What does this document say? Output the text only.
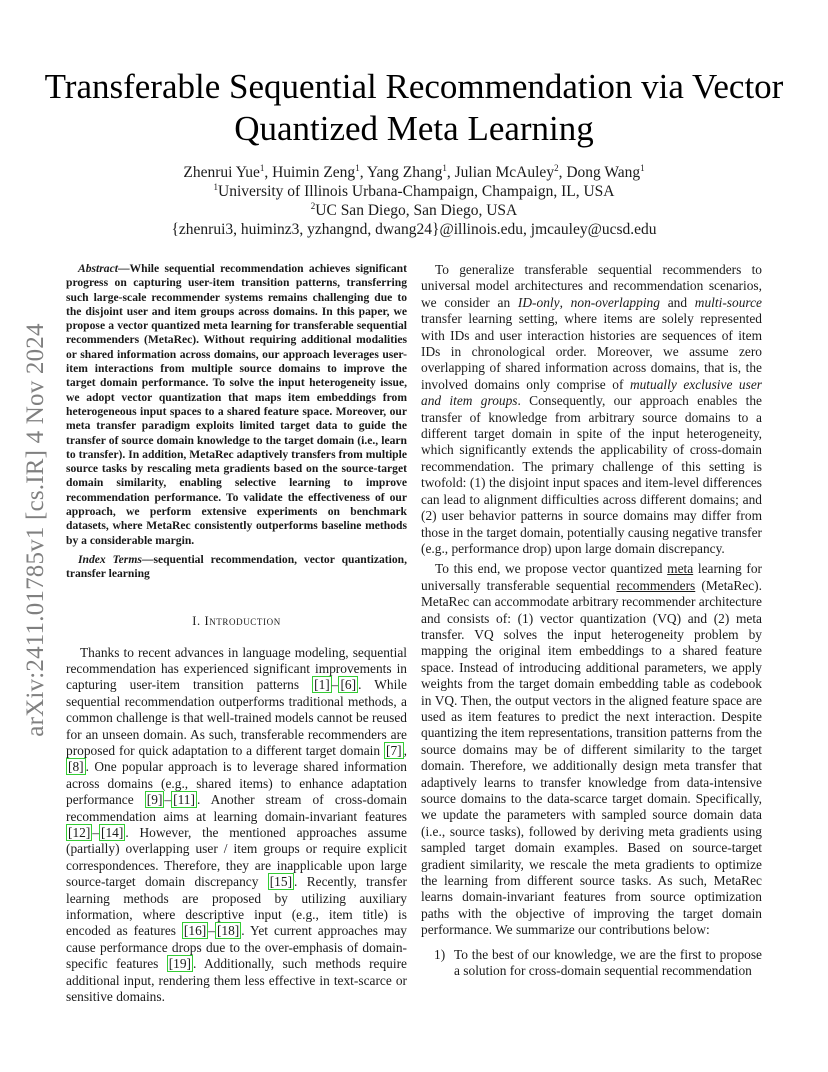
arXiv:2411.01785v1 [cs.IR] 4 Nov 2024
Transferable Sequential Recommendation via Vector Quantized Meta Learning
Zhenrui Yue$^1$, Huimin Zeng$^1$, Yang Zhang$^1$, Julian McAuley$^2$, Dong Wang$^1$
$^1$University of Illinois Urbana-Champaign, Champaign, IL, USA
$^2$UC San Diego, San Diego, USA
{zhenrui3, huiminz3, yzhangnd, dwang24}@illinois.edu, jmcauley@ucsd.edu

Abstract—While sequential recommendation achieves significant progress on capturing user-item transition patterns, transferring such large-scale recommender systems remains challenging due to the disjoint user and item groups across domains. In this paper, we propose a vector quantized meta learning for transferable sequential recommenders (MetaRec). Without requiring additional modalities or shared information across domains, our approach leverages user-item interactions from multiple source domains to improve the target domain performance. To solve the input heterogeneity issue, we adopt vector quantization that maps item embeddings from heterogeneous input spaces to a shared feature space. Moreover, our meta transfer paradigm exploits limited target data to guide the transfer of source domain knowledge to the target domain (i.e., learn to transfer). In addition, MetaRec adaptively transfers from multiple source tasks by rescaling meta gradients based on the source-target domain similarity, enabling selective learning to improve recommendation performance. To validate the effectiveness of our approach, we perform extensive experiments on benchmark datasets, where MetaRec consistently outperforms baseline methods by a considerable margin.

Index Terms—sequential recommendation, vector quantization, transfer learning

I. Introduction

Thanks to recent advances in language modeling, sequential recommendation has experienced significant improvements in capturing user-item transition patterns [1] – [6] . While sequential recommendation outperforms traditional methods, a common challenge is that well-trained models cannot be reused for an unseen domain. As such, transferable recommenders are proposed for quick adaptation to a different target domain [7] , [8] . One popular approach is to leverage shared information across domains (e.g., shared items) to enhance adaptation performance [9] – [11] . Another stream of cross-domain recommendation aims at learning domain-invariant features [12] – [14] . However, the mentioned approaches assume (partially) overlapping user / item groups or require explicit correspondences. Therefore, they are inapplicable upon large source-target domain discrepancy [15] . Recently, transfer learning methods are proposed by utilizing auxiliary information, where descriptive input (e.g., item title) is encoded as features [16] – [18] . Yet current approaches may cause performance drops due to the over-emphasis of domain-specific features [19] . Additionally, such methods require additional input, rendering them less effective in text-scarce or sensitive domains.

To generalize transferable sequential recommenders to universal model architectures and recommendation scenarios, we consider an ID-only, non-overlapping and multi-source transfer learning setting, where items are solely represented with IDs and user interaction histories are sequences of item IDs in chronological order. Moreover, we assume zero overlapping of shared information across domains, that is, the involved domains only comprise of mutually exclusive user and item groups. Consequently, our approach enables the transfer of knowledge from arbitrary source domains to a different target domain in spite of the input heterogeneity, which significantly extends the applicability of cross-domain recommendation. The primary challenge of this setting is twofold: (1) the disjoint input spaces and item-level differences can lead to alignment difficulties across different domains; and (2) user behavior patterns in source domains may differ from those in the target domain, potentially causing negative transfer (e.g., performance drop) upon large domain discrepancy.

To this end, we propose vector quantized meta learning for universally transferable sequential recommenders (MetaRec). MetaRec can accommodate arbitrary recommender architecture and consists of: (1) vector quantization (VQ) and (2) meta transfer. VQ solves the input heterogeneity problem by mapping the original item embeddings to a shared feature space. Instead of introducing additional parameters, we apply weights from the target domain embedding table as codebook in VQ. Then, the output vectors in the aligned feature space are used as item features to predict the next interaction. Despite quantizing the item representations, transition patterns from the source domains may be of different similarity to the target domain. Therefore, we additionally design meta transfer that adaptively learns to transfer knowledge from data-intensive source domains to the data-scarce target domain. Specifically, we update the parameters with sampled source domain data (i.e., source tasks), followed by deriving meta gradients using sampled target domain examples. Based on source-target gradient similarity, we rescale the meta gradients to optimize the learning from different source tasks. As such, MetaRec learns domain-invariant features from source optimization paths with the objective of improving the target domain performance. We summarize our contributions below:

1) To the best of our knowledge, we are the first to propose a solution for cross-domain sequential recommendation
